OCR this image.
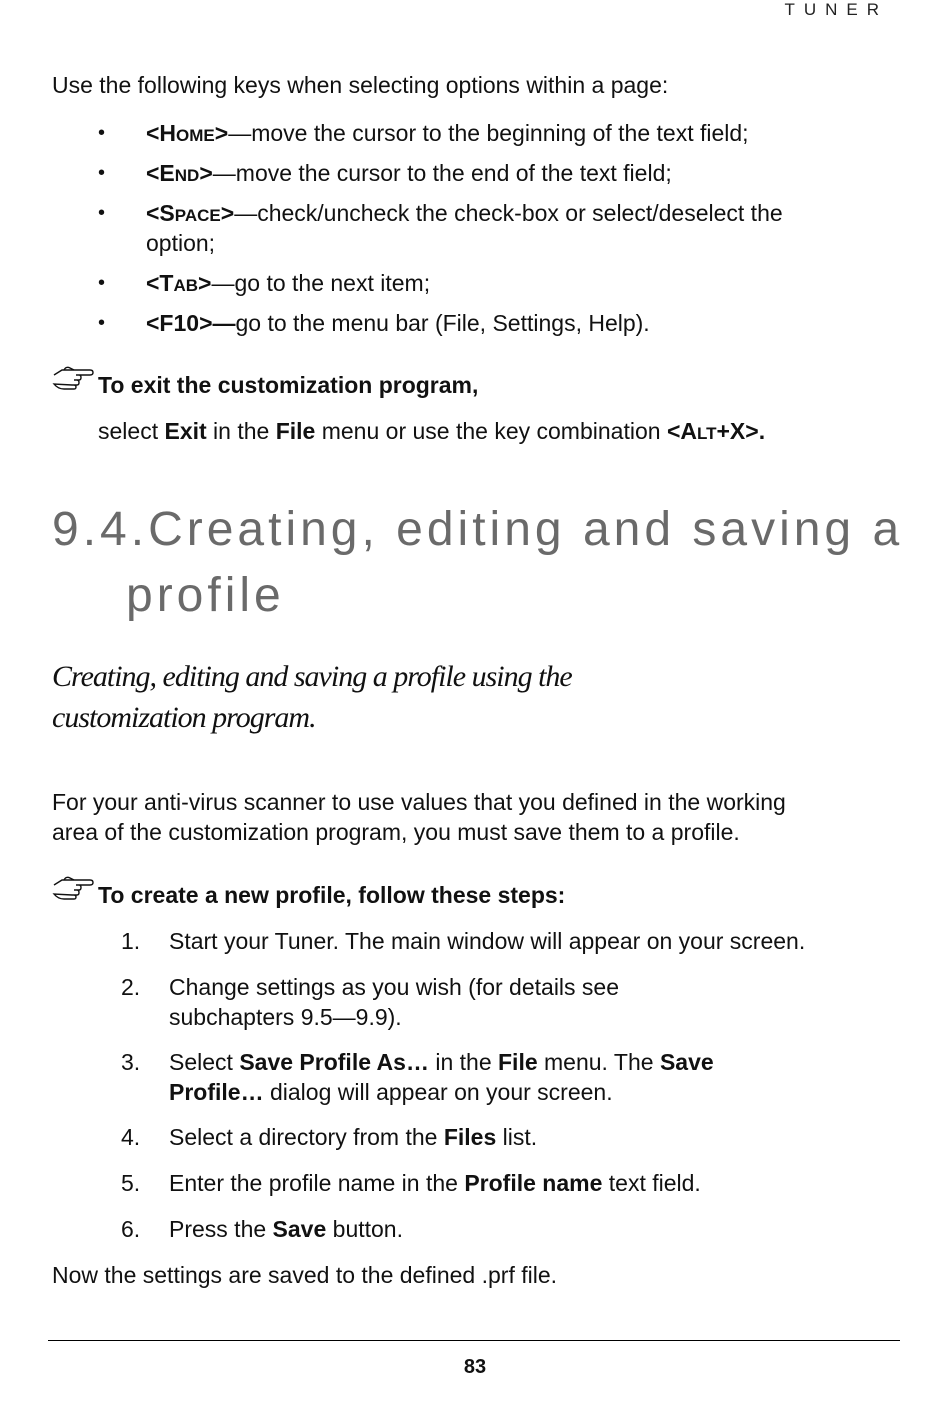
TUNER
Use the following keys when selecting options within a page:
• <HOME>—move the cursor to the beginning of the text field;
• <END>—move the cursor to the end of the text field;
• <SPACE>—check/uncheck the check-box or select/deselect the
option;
• <TAB>—go to the next item;
• <F10>—go to the menu bar (File, Settings, Help).
To exit the customization program,
select Exit in the File menu or use the key combination <ALT+X>.
9.4.Creating, editing and saving a
profile
Creating, editing and saving a profile using the
customization program.
For your anti-virus scanner to use values that you defined in the working
area of the customization program, you must save them to a profile.
To create a new profile, follow these steps:
1. Start your Tuner. The main window will appear on your screen.
2. Change settings as you wish (for details see
subchapters 9.5—9.9).
3. Select Save Profile As… in the File menu. The Save
Profile… dialog will appear on your screen.
4. Select a directory from the Files list.
5. Enter the profile name in the Profile name text field.
6. Press the Save button.
Now the settings are saved to the defined .prf file.
83
